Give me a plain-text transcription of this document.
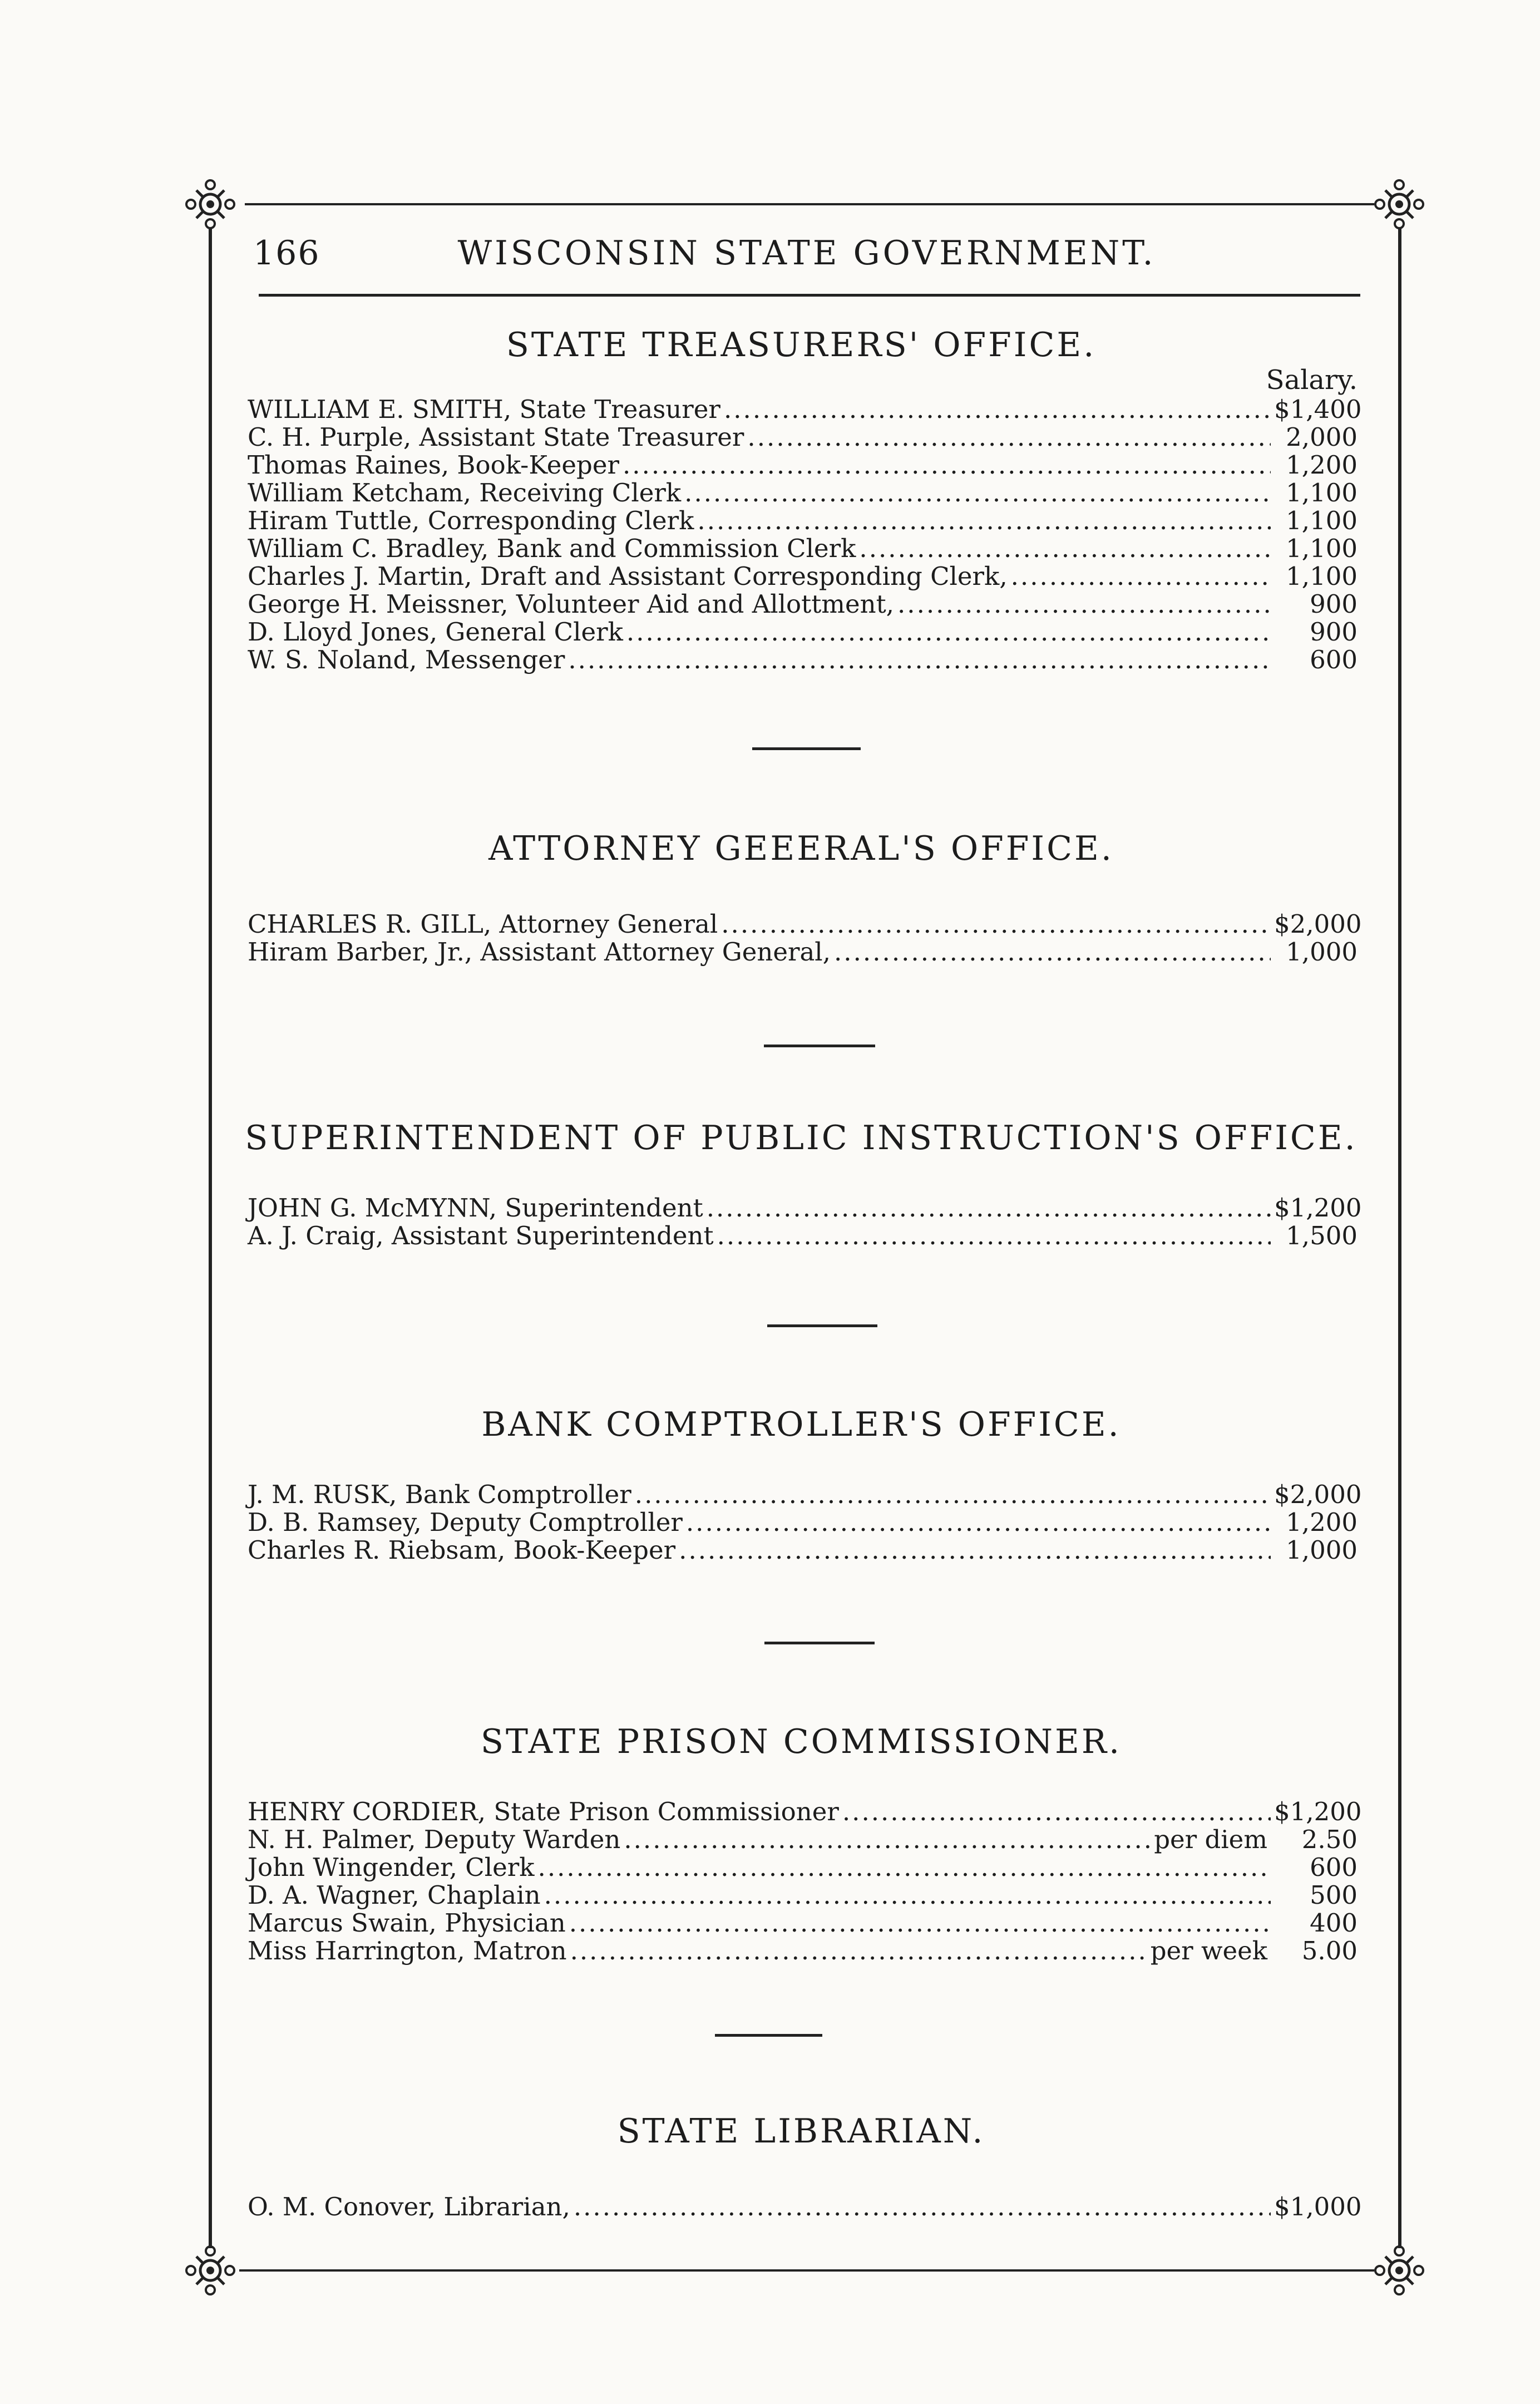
166	WISCONSIN STATE GOVERNMENT.
STATE TREASURERS' OFFICE.
Salary.
WILLIAM E. SMITH, State Treasurer .....	$1,400
C. H. Purple, Assistant State Treasurer .....	2,000
Thomas Raines, Book-Keeper .....	1,200
William Ketcham, Receiving Clerk .....	1,100
Hiram Tuttle, Corresponding Clerk .....	1,100
William C. Bradley, Bank and Commission Clerk .....	1,100
Charles J. Martin, Draft and Assistant Corresponding Clerk, .....	1,100
George H. Meissner, Volunteer Aid and Allottment, .....	900
D. Lloyd Jones, General Clerk .....	900
W. S. Noland, Messenger .....	600
ATTORNEY GEEERAL'S OFFICE.
CHARLES R. GILL, Attorney General .....	$2,000
Hiram Barber, Jr., Assistant Attorney General, .....	1,000
SUPERINTENDENT OF PUBLIC INSTRUCTION'S OFFICE.
JOHN G. McMYNN, Superintendent .....	$1,200
A. J. Craig, Assistant Superintendent .....	1,500
BANK COMPTROLLER'S OFFICE.
J. M. RUSK, Bank Comptroller .....	$2,000
D. B. Ramsey, Deputy Comptroller .....	1,200
Charles R. Riebsam, Book-Keeper .....	1,000
STATE PRISON COMMISSIONER.
HENRY CORDIER, State Prison Commissioner .....	$1,200
N. H. Palmer, Deputy Warden .....	per diem	2.50
John Wingender, Clerk .....	600
D. A. Wagner, Chaplain .....	500
Marcus Swain, Physician .....	400
Miss Harrington, Matron .....	per week	5.00
STATE LIBRARIAN.
O. M. Conover, Librarian, .....	$1,000
